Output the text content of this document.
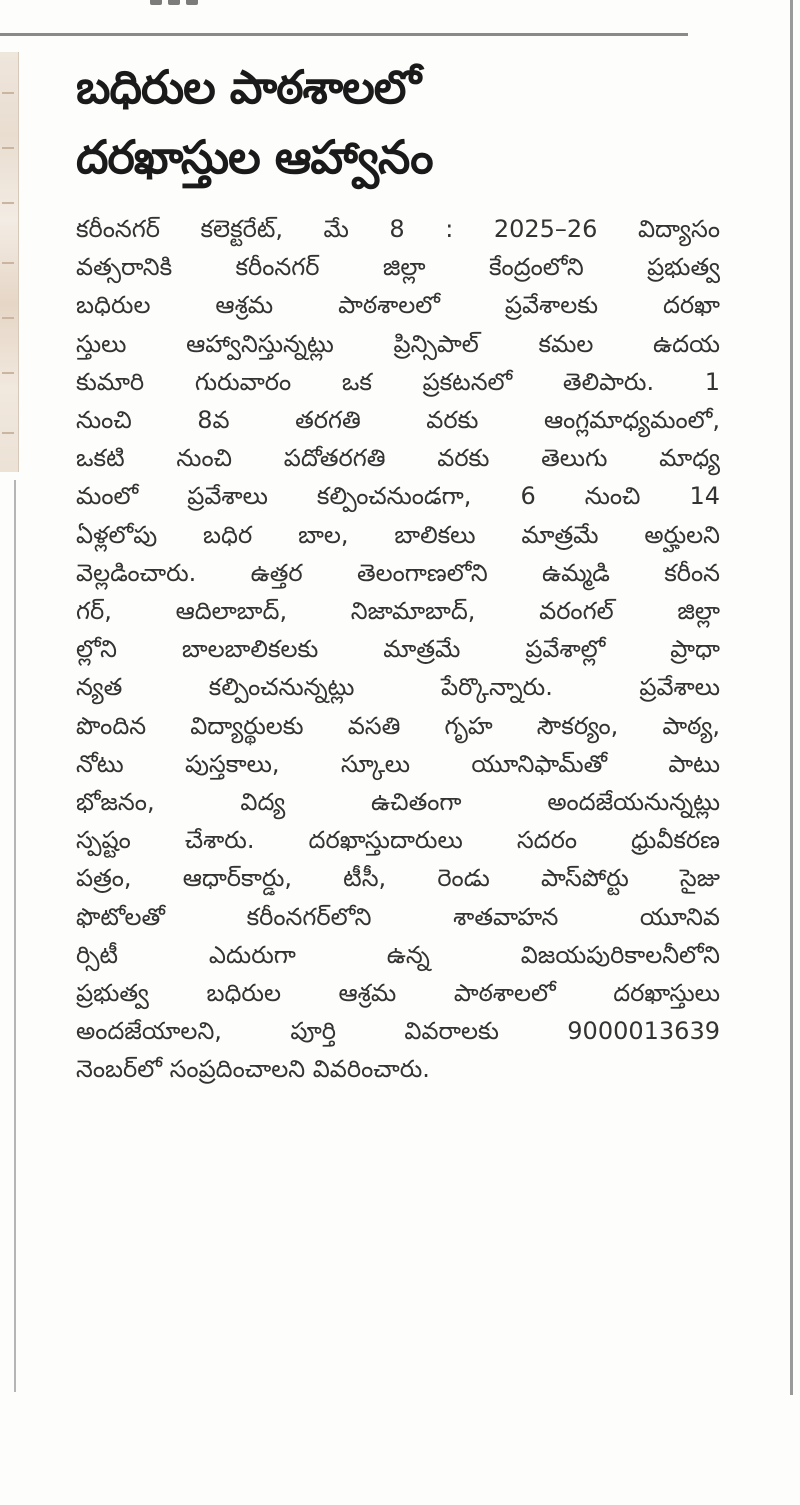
బధిరుల పాఠశాలలో
దరఖాస్తుల ఆహ్వానం
కరీంనగర్ కలెక్టరేట్, మే 8 : 2025–26 విద్యాసం
వత్సరానికి కరీంనగర్ జిల్లా కేంద్రంలోని ప్రభుత్వ
బధిరుల ఆశ్రమ పాఠశాలలో ప్రవేశాలకు దరఖా
స్తులు ఆహ్వానిస్తున్నట్లు ప్రిన్సిపాల్ కమల ఉదయ
కుమారి గురువారం ఒక ప్రకటనలో తెలిపారు. 1
నుంచి 8వ తరగతి వరకు ఆంగ్లమాధ్యమంలో,
ఒకటి నుంచి పదోతరగతి వరకు తెలుగు మాధ్య
మంలో ప్రవేశాలు కల్పించనుండగా, 6 నుంచి 14
ఏళ్లలోపు బధిర బాల, బాలికలు మాత్రమే అర్హులని
వెల్లడించారు. ఉత్తర తెలంగాణలోని ఉమ్మడి కరీంన
గర్, ఆదిలాబాద్, నిజామాబాద్, వరంగల్ జిల్లా
ల్లోని బాలబాలికలకు మాత్రమే ప్రవేశాల్లో ప్రాధా
న్యత కల్పించనున్నట్లు పేర్కొన్నారు. ప్రవేశాలు
పొందిన విద్యార్థులకు వసతి గృహ సౌకర్యం, పాఠ్య,
నోటు పుస్తకాలు, స్కూలు యూనిఫామ్‌తో పాటు
భోజనం, విద్య ఉచితంగా అందజేయనున్నట్లు
స్పష్టం చేశారు. దరఖాస్తుదారులు సదరం ధ్రువీకరణ
పత్రం, ఆధార్‌కార్డు, టీసీ, రెండు పాస్‌పోర్టు సైజు
ఫొటోలతో కరీంనగర్‌లోని శాతవాహన యూనివ
ర్సిటీ ఎదురుగా ఉన్న విజయపురికాలనీలోని
ప్రభుత్వ బధిరుల ఆశ్రమ పాఠశాలలో దరఖాస్తులు
అందజేయాలని, పూర్తి వివరాలకు 9000013639
నెంబర్‌లో సంప్రదించాలని వివరించారు.
